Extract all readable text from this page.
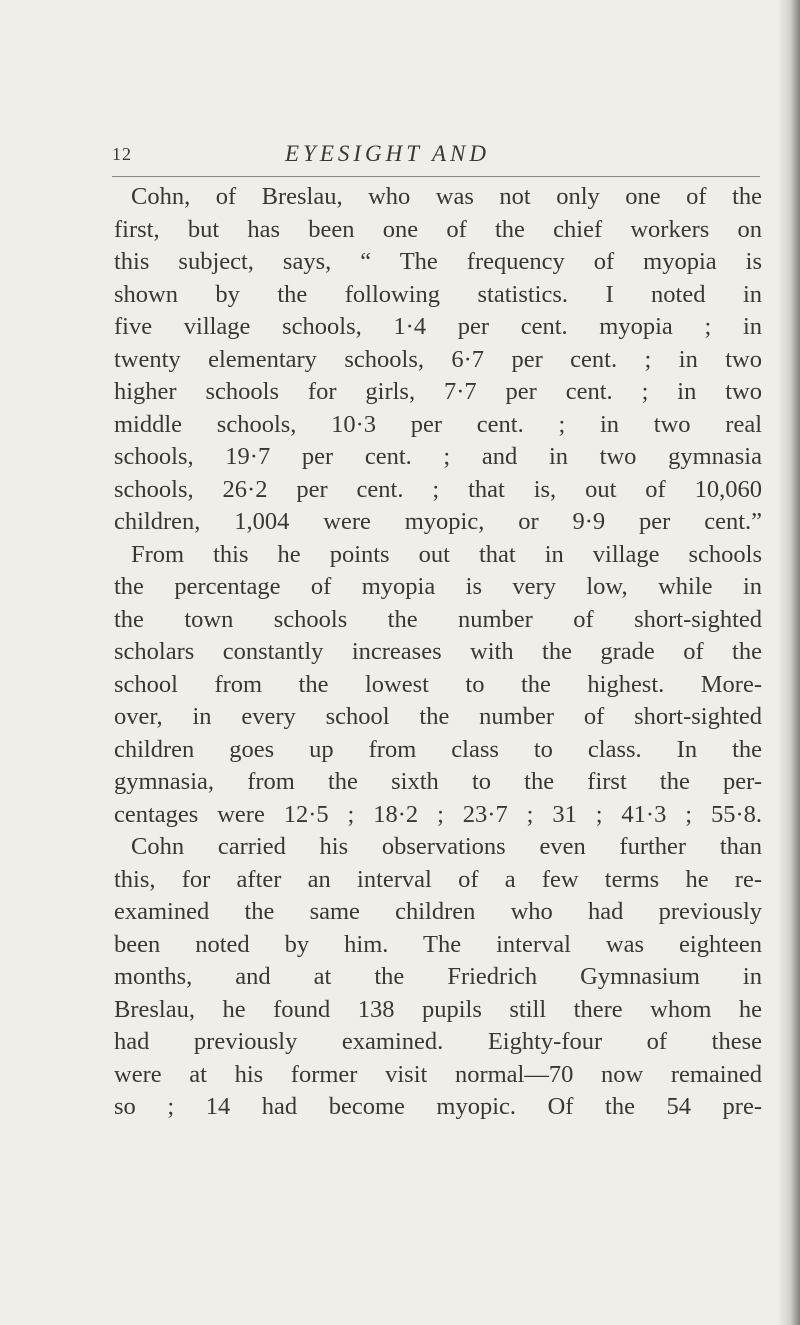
12	EYESIGHT AND
Cohn, of Breslau, who was not only one of the
first, but has been one of the chief workers on
this subject, says, “ The frequency of myopia is
shown by the following statistics. I noted in
five village schools, 1·4 per cent. myopia ; in
twenty elementary schools, 6·7 per cent. ; in two
higher schools for girls, 7·7 per cent. ; in two
middle schools, 10·3 per cent. ; in two real
schools, 19·7 per cent. ; and in two gymnasia
schools, 26·2 per cent. ; that is, out of 10,060
children, 1,004 were myopic, or 9·9 per cent.”
From this he points out that in village schools
the percentage of myopia is very low, while in
the town schools the number of short-sighted
scholars constantly increases with the grade of the
school from the lowest to the highest. More-
over, in every school the number of short-sighted
children goes up from class to class. In the
gymnasia, from the sixth to the first the per-
centages were 12·5 ; 18·2 ; 23·7 ; 31 ; 41·3 ; 55·8.
Cohn carried his observations even further than
this, for after an interval of a few terms he re-
examined the same children who had previously
been noted by him. The interval was eighteen
months, and at the Friedrich Gymnasium in
Breslau, he found 138 pupils still there whom he
had previously examined. Eighty-four of these
were at his former visit normal—70 now remained
so ; 14 had become myopic. Of the 54 pre-
